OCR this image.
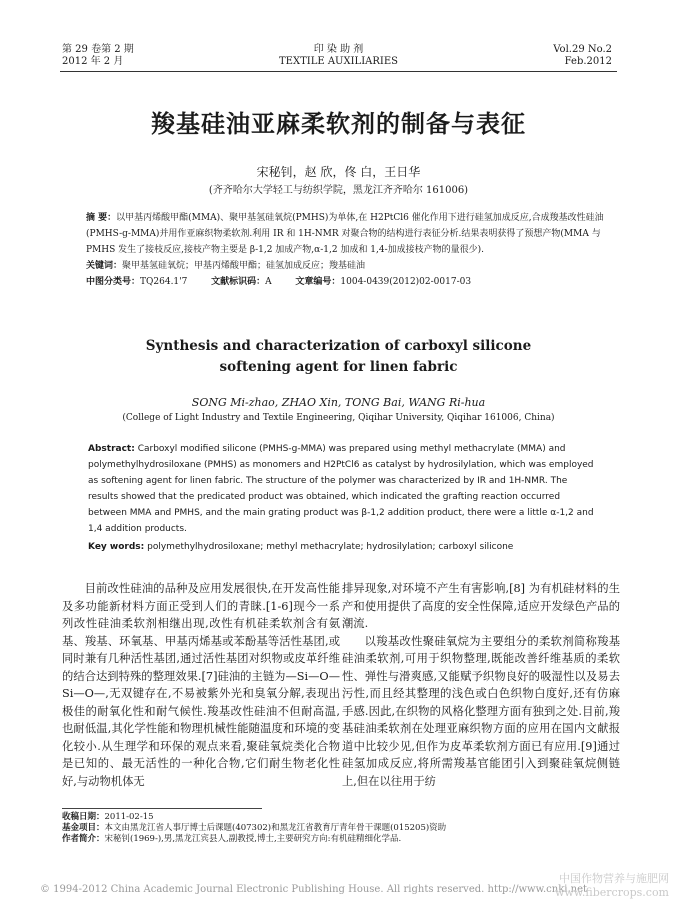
第 29 卷第 2 期
2012 年 2 月
印 染 助 剂
TEXTILE AUXILIARIES
Vol.29 No.2
Feb.2012
羧基硅油亚麻柔软剂的制备与表征
宋秘钊，赵 欣，佟 白，王日华
(齐齐哈尔大学轻工与纺织学院，黑龙江齐齐哈尔 161006)
摘 要：以甲基丙烯酸甲酯(MMA)、聚甲基氢硅氧烷(PMHS)为单体,在 H2PtCl6 催化作用下进行硅氢加成反应,合成羧基改性硅油(PMHS-g-MMA)并用作亚麻织物柔软剂.利用 IR 和 1H-NMR 对聚合物的结构进行表征分析.结果表明获得了预想产物(MMA 与 PMHS 发生了接枝反应,接枝产物主要是 β-1,2 加成产物,α-1,2 加成和 1,4-加成接枝产物的量很少).
关键词：聚甲基氢硅氧烷；甲基丙烯酸甲酯；硅氢加成反应；羧基硅油
中图分类号：TQ264.1'7	文献标识码：A	文章编号：1004-0439(2012)02-0017-03
Synthesis and characterization of carboxyl silicone
softening agent for linen fabric
SONG Mi-zhao, ZHAO Xin, TONG Bai, WANG Ri-hua
(College of Light Industry and Textile Engineering, Qiqihar University, Qiqihar 161006, China)
Abstract: Carboxyl modified silicone (PMHS-g-MMA) was prepared using methyl methacrylate (MMA) and polymethylhydrosiloxane (PMHS) as monomers and H2PtCl6 as catalyst by hydrosilylation, which was employed as softening agent for linen fabric. The structure of the polymer was characterized by IR and 1H-NMR. The results showed that the predicated product was obtained, which indicated the grafting reaction occurred between MMA and PMHS, and the main grating product was β-1,2 addition product, there were a little α-1,2 and 1,4 addition products.
Key words: polymethylhydrosiloxane; methyl methacrylate; hydrosilylation; carboxyl silicone

目前改性硅油的品种及应用发展很快,在开发高性能及多功能新材料方面正受到人们的青睐.[1-6]现今一系列改性硅油柔软剂相继出现,改性有机硅柔软剂含有氨基、羧基、环氧基、甲基丙烯基或苯酚基等活性基团,或同时兼有几种活性基团,通过活性基团对织物或皮革纤维的结合达到特殊的整理效果.[7]硅油的主链为—Si—O—Si—O—,无双键存在,不易被紫外光和臭氧分解,表现出极佳的耐氧化性和耐气候性.羧基改性硅油不但耐高温,也耐低温,其化学性能和物理机械性能随温度和环境的变化较小.从生理学和环保的观点来看,聚硅氧烷类化合物是已知的、最无活性的一种化合物,它们耐生物老化性好,与动物机体无

排异现象,对环境不产生有害影响,[8] 为有机硅材料的生产和使用提供了高度的安全性保障,适应开发绿色产品的潮流.

以羧基改性聚硅氧烷为主要组分的柔软剂简称羧基硅油柔软剂,可用于织物整理,既能改善纤维基质的柔软性、弹性与滑爽感,又能赋予织物良好的吸湿性以及易去污性,而且经其整理的浅色或白色织物白度好,还有仿麻手感.因此,在织物的风格化整理方面有独到之处.目前,羧基硅油柔软剂在处理亚麻织物方面的应用在国内文献报道中比较少见,但作为皮革柔软剂方面已有应用.[9]通过硅氢加成反应,将所需羧基官能团引入到聚硅氧烷侧链上,但在以往用于纺

收稿日期：2011-02-15
基金项目：本文由黑龙江省人事厅博士后课题(407302)和黑龙江省教育厅青年骨干课题(015205)资助
作者简介：宋秘钊(1969-),男,黑龙江宾县人,副教授,博士,主要研究方向:有机硅精细化学品.
© 1994-2012 China Academic Journal Electronic Publishing House. All rights reserved. http://www.cnki.net
中国作物营养与施肥网
www.fibercrops.com
